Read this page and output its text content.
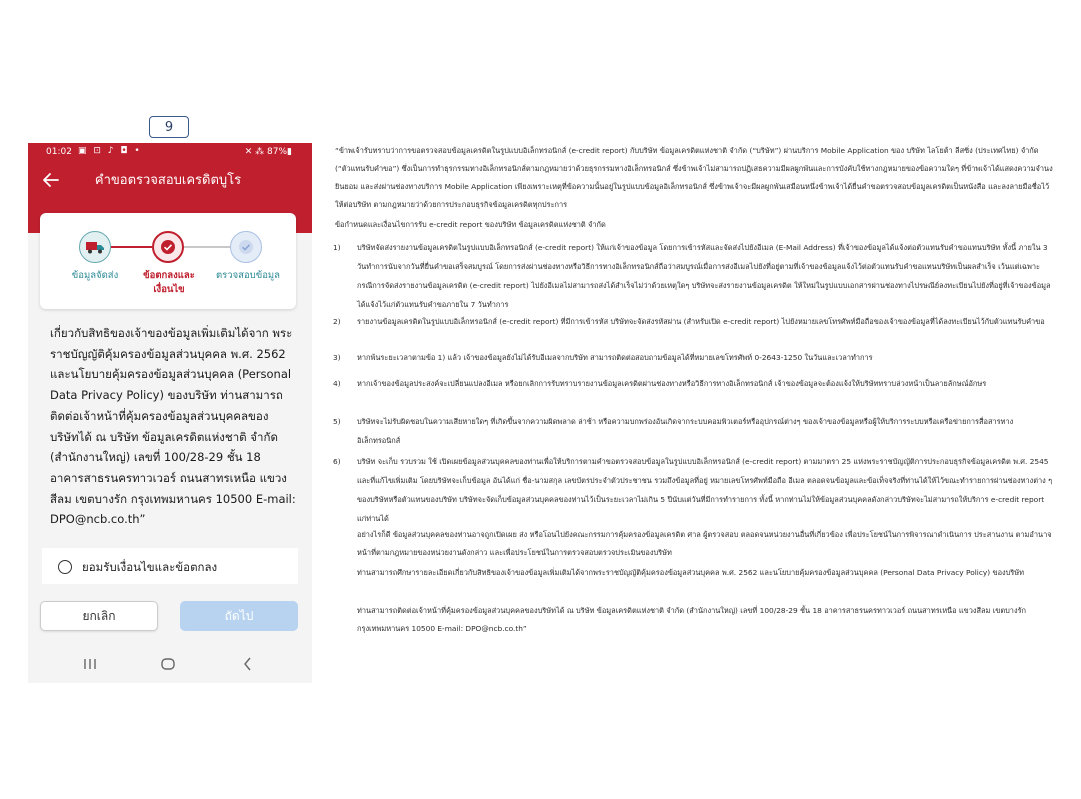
9
01:02 ▣ ⊡ ♪ ◘ •	✕ ⁂ 87%▮
คำขอตรวจสอบเครดิตบูโร
ข้อมูลจัดส่ง	ข้อตกลงและเงื่อนไข
ตรวจสอบข้อมูล
เกี่ยวกับสิทธิของเจ้าของข้อมูลเพิ่มเติมได้จาก พระราชบัญญัติคุ้มครองข้อมูลส่วนบุคคล พ.ศ. 2562 และนโยบายคุ้มครองข้อมูลส่วนบุคคล (Personal Data Privacy Policy) ของบริษัท ท่านสามารถติดต่อเจ้าหน้าที่คุ้มครองข้อมูลส่วนบุคคลของบริษัทได้ ณ บริษัท ข้อมูลเครดิตแห่งชาติ จำกัด (สำนักงานใหญ่) เลขที่ 100/28-29 ชั้น 18 อาคารสาธรนครทาวเวอร์ ถนนสาทรเหนือ แขวงสีลม เขตบางรัก กรุงเทพมหานคร 10500 E-mail: DPO@ncb.co.th”
ยอมรับเงื่อนไขและข้อตกลง
ยกเลิก	ถัดไป
“ข้าพเจ้ารับทราบว่าการขอตรวจสอบข้อมูลเครดิตในรูปแบบอิเล็กทรอนิกส์ (e-credit report) กับบริษัท ข้อมูลเครดิตแห่งชาติ จำกัด (“บริษัท”) ผ่านบริการ Mobile Application ของ บริษัท ไลโยต้า ลีสซิ่ง (ประเทศไทย) จำกัด (“ตัวแทนรับคำขอ”) ซึ่งเป็นการทำธุรกรรมทางอิเล็กทรอนิกส์ตามกฎหมายว่าด้วยธุรกรรมทางอิเล็กทรอนิกส์ ซึ่งข้าพเจ้าไม่สามารถปฏิเสธความมีผลผูกพันและการบังคับใช้ทางกฎหมายของข้อความใดๆ ที่ข้าพเจ้าได้แสดงความจำนง ยินยอม และส่งผ่านช่องทางบริการ Mobile Application เพียงเพราะเหตุที่ข้อความนั้นอยู่ในรูปแบบข้อมูลอิเล็กทรอนิกส์ ซึ่งข้าพเจ้าจะมีผลผูกพันเสมือนหนึ่งข้าพเจ้าได้ยื่นคำขอตรวจสอบข้อมูลเครดิตเป็นหนังสือ และลงลายมือชื่อไว้ให้ต่อบริษัท ตามกฎหมายว่าด้วยการประกอบธุรกิจข้อมูลเครดิตทุกประการ
ข้อกำหนดและเงื่อนไขการรับ e-credit report ของบริษัท ข้อมูลเครดิตแห่งชาติ จำกัด
1) บริษัทจัดส่งรายงานข้อมูลเครดิตในรูปแบบอิเล็กทรอนิกส์ (e-credit report) ให้แก่เจ้าของข้อมูล โดยการเข้ารหัสและจัดส่งไปยังอีเมล (E-Mail Address) ที่เจ้าของข้อมูลได้แจ้งต่อตัวแทนรับคำขอแทนบริษัท ทั้งนี้ ภายใน 3 วันทำการนับจากวันที่ยื่นคำขอเสร็จสมบูรณ์ โดยการส่งผ่านช่องทางหรือวิธีการทางอิเล็กทรอนิกส์ถือว่าสมบูรณ์เมื่อการส่งอีเมลไปยังที่อยู่ตามที่เจ้าของข้อมูลแจ้งไว้ต่อตัวแทนรับคำขอแทนบริษัทเป็นผลสำเร็จ เว้นแต่เฉพาะกรณีการจัดส่งรายงานข้อมูลเครดิต (e-credit report) ไปยังอีเมลไม่สามารถส่งได้สำเร็จไม่ว่าด้วยเหตุใดๆ บริษัทจะส่งรายงานข้อมูลเครดิต ให้ใหม่ในรูปแบบเอกสารผ่านช่องทางไปรษณีย์ลงทะเบียนไปยังที่อยู่ที่เจ้าของข้อมูลได้แจ้งไว้แก่ตัวแทนรับคำขอภายใน 7 วันทำการ
2) รายงานข้อมูลเครดิตในรูปแบบอิเล็กทรอนิกส์ (e-credit report) ที่มีการเข้ารหัส บริษัทจะจัดส่งรหัสผ่าน (สำหรับเปิด e-credit report) ไปยังหมายเลขโทรศัพท์มือถือของเจ้าของข้อมูลที่ได้ลงทะเบียนไว้กับตัวแทนรับคำขอ
3) หากพ้นระยะเวลาตามข้อ 1) แล้ว เจ้าของข้อมูลยังไม่ได้รับอีเมลจากบริษัท สามารถติดต่อสอบถามข้อมูลได้ที่หมายเลขโทรศัพท์ 0-2643-1250 ในวันและเวลาทำการ
4) หากเจ้าของข้อมูลประสงค์จะเปลี่ยนแปลงอีเมล หรือยกเลิกการรับทราบรายงานข้อมูลเครดิตผ่านช่องทางหรือวิธีการทางอิเล็กทรอนิกส์ เจ้าของข้อมูลจะต้องแจ้งให้บริษัททราบล่วงหน้าเป็นลายลักษณ์อักษร
5) บริษัทจะไม่รับผิดชอบในความเสียหายใดๆ ที่เกิดขึ้นจากความผิดพลาด ล่าช้า หรือความบกพร่องอันเกิดจากระบบคอมพิวเตอร์หรืออุปกรณ์ต่างๆ ของเจ้าของข้อมูลหรือผู้ให้บริการระบบหรือเครือข่ายการสื่อสารทางอิเล็กทรอนิกส์
6) บริษัท จะเก็บ รวบรวม ใช้ เปิดเผยข้อมูลส่วนบุคคลของท่านเพื่อให้บริการตามคำขอตรวจสอบข้อมูลในรูปแบบอิเล็กทรอนิกส์ (e-credit report) ตามมาตรา 25 แห่งพระราชบัญญัติการประกอบธุรกิจข้อมูลเครดิต พ.ศ. 2545 และที่แก้ไขเพิ่มเติม โดยบริษัทจะเก็บข้อมูล อันได้แก่ ชื่อ-นามสกุล เลขบัตรประจำตัวประชาชน รวมถึงข้อมูลที่อยู่ หมายเลขโทรศัพท์มือถือ อีเมล ตลอดจนข้อมูลและข้อเท็จจริงที่ท่านได้ให้ไว้ขณะทำรายการผ่านช่องทางต่าง ๆ ของบริษัทหรือตัวแทนของบริษัท บริษัทจะจัดเก็บข้อมูลส่วนบุคคลของท่านไว้เป็นระยะเวลาไม่เกิน 5 ปีนับแต่วันที่มีการทำรายการ ทั้งนี้ หากท่านไม่ให้ข้อมูลส่วนบุคคลดังกล่าวบริษัทจะไม่สามารถให้บริการ e-credit report แก่ท่านได้
อย่างไรก็ดี ข้อมูลส่วนบุคคลของท่านอาจถูกเปิดเผย ส่ง หรือโอนไปยังคณะกรรมการคุ้มครองข้อมูลเครดิต ศาล ผู้ตรวจสอบ ตลอดจนหน่วยงานอื่นที่เกี่ยวข้อง เพื่อประโยชน์ในการพิจารณาดำเนินการ ประสานงาน ตามอำนาจหน้าที่ตามกฎหมายของหน่วยงานดังกล่าว และเพื่อประโยชน์ในการตรวจสอบตรวจประเมินของบริษัท
ท่านสามารถศึกษารายละเอียดเกี่ยวกับสิทธิของเจ้าของข้อมูลเพิ่มเติมได้จากพระราชบัญญัติคุ้มครองข้อมูลส่วนบุคคล พ.ศ. 2562 และนโยบายคุ้มครองข้อมูลส่วนบุคคล (Personal Data Privacy Policy) ของบริษัท
ท่านสามารถติดต่อเจ้าหน้าที่คุ้มครองข้อมูลส่วนบุคคลของบริษัทได้ ณ บริษัท ข้อมูลเครดิตแห่งชาติ จำกัด (สำนักงานใหญ่) เลขที่ 100/28-29 ชั้น 18 อาคารสาธรนครทาวเวอร์ ถนนสาทรเหนือ แขวงสีลม เขตบางรัก กรุงเทพมหานคร 10500 E-mail: DPO@ncb.co.th”
